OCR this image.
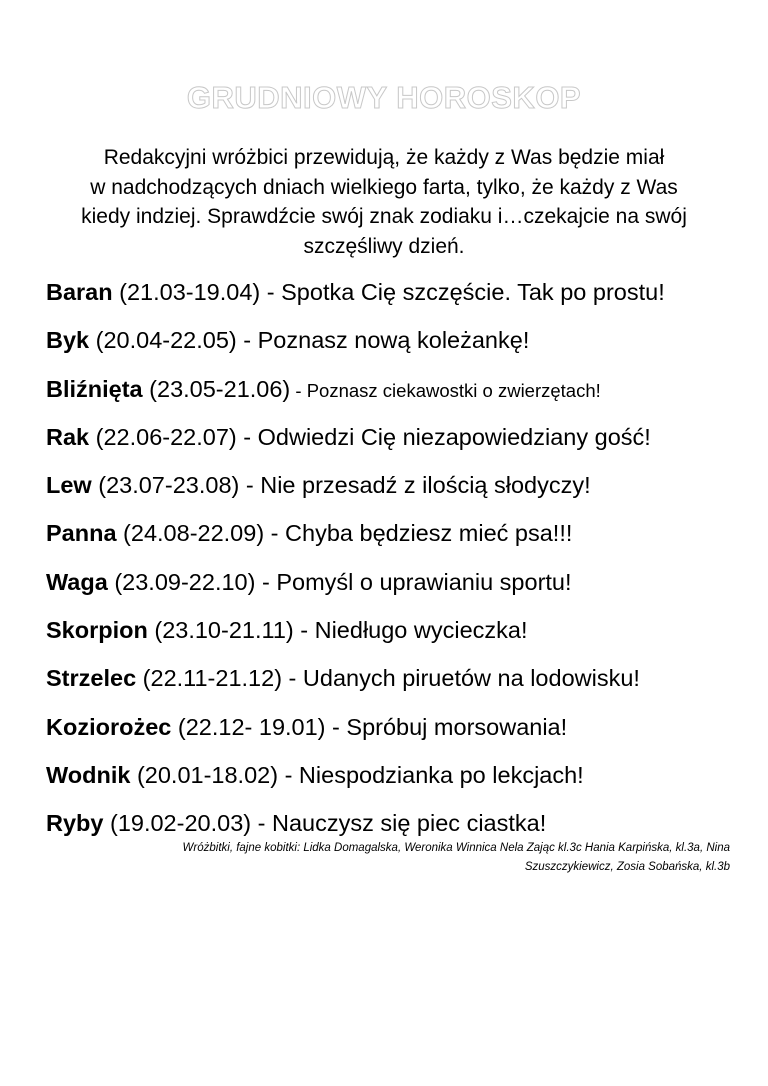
GRUDNIOWY HOROSKOP
Redakcyjni wróżbici przewidują, że każdy z Was będzie miał
w nadchodzących dniach wielkiego farta, tylko, że każdy z Was
kiedy indziej. Sprawdźcie swój znak zodiaku i…czekajcie na swój
szczęśliwy dzień.
Baran (21.03-19.04) - Spotka Cię szczęście. Tak po prostu!
Byk (20.04-22.05) - Poznasz nową koleżankę!
Bliźnięta (23.05-21.06) - Poznasz ciekawostki o zwierzętach!
Rak (22.06-22.07) - Odwiedzi Cię niezapowiedziany gość!
Lew (23.07-23.08) - Nie przesadź z ilością słodyczy!
Panna (24.08-22.09) - Chyba będziesz mieć psa!!!
Waga (23.09-22.10) - Pomyśl o uprawianiu sportu!
Skorpion (23.10-21.11) - Niedługo wycieczka!
Strzelec (22.11-21.12) - Udanych piruetów na lodowisku!
Koziorożec (22.12- 19.01) - Spróbuj morsowania!
Wodnik (20.01-18.02) - Niespodzianka po lekcjach!
Ryby (19.02-20.03) - Nauczysz się piec ciastka!
Wróżbitki, fajne kobitki: Lidka Domagalska, Weronika Winnica Nela Zając kl.3c Hania Karpińska, kl.3a, Nina
Szuszczykiewicz, Zosia Sobańska, kl.3b
